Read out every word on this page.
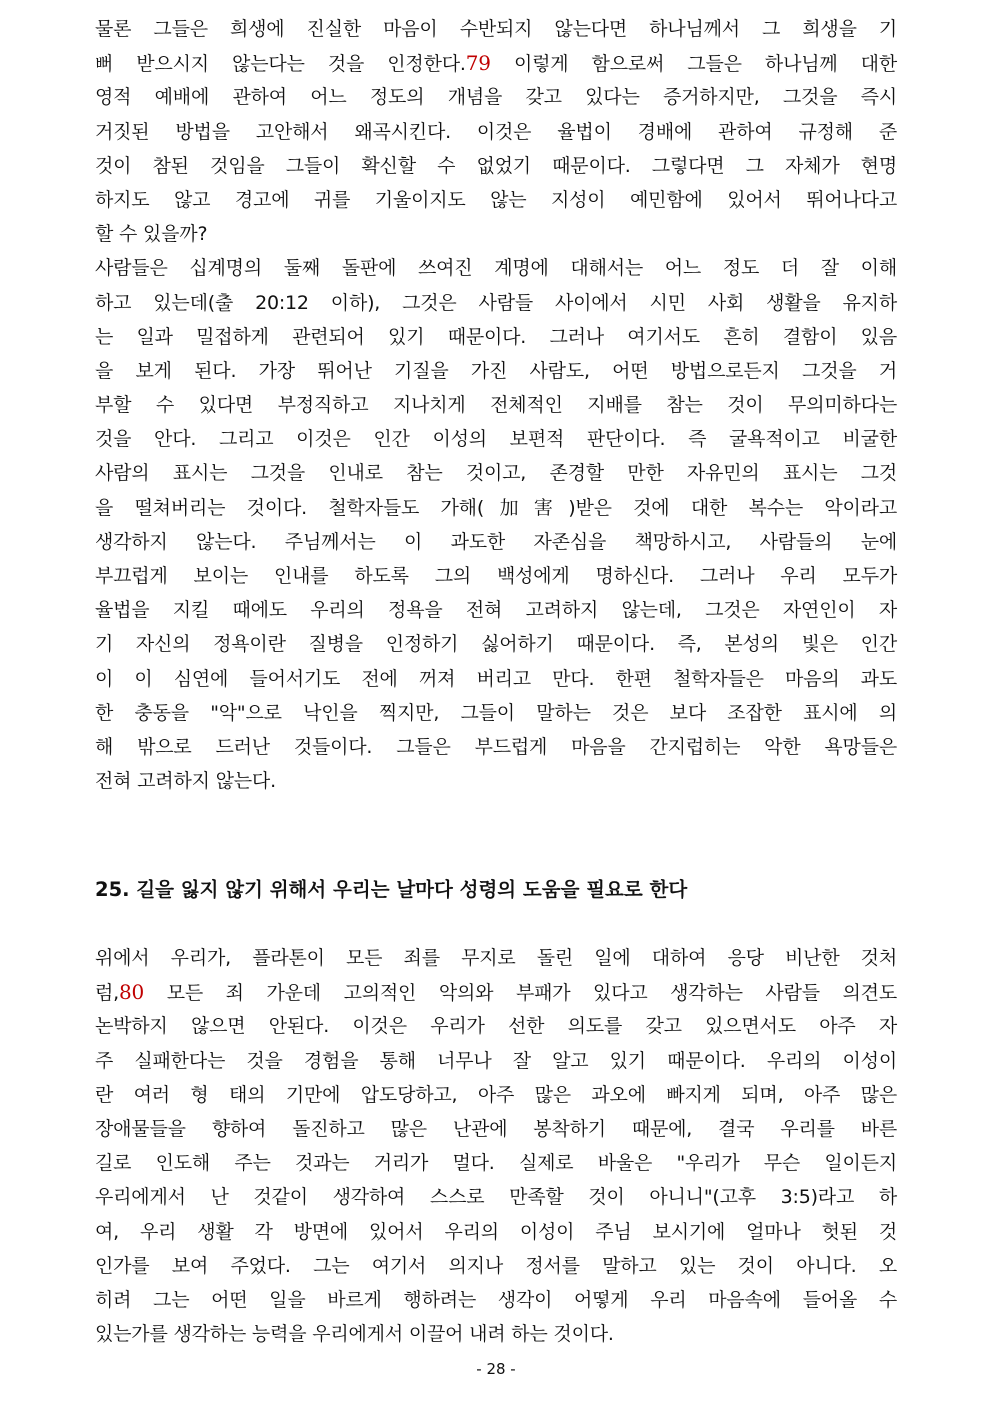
물론 그들은 희생에 진실한 마음이 수반되지 않는다면 하나님께서 그 희생을 기
뻐 받으시지 않는다는 것을 인정한다.79 이렇게 함으로써 그들은 하나님께 대한
영적 예배에 관하여 어느 정도의 개념을 갖고 있다는 증거하지만, 그것을 즉시
거짓된 방법을 고안해서 왜곡시킨다. 이것은 율법이 경배에 관하여 규정해 준
것이 참된 것임을 그들이 확신할 수 없었기 때문이다. 그렇다면 그 자체가 현명
하지도 않고 경고에 귀를 기울이지도 않는 지성이 예민함에 있어서 뛰어나다고
할 수 있을까?
사람들은 십계명의 둘째 돌판에 쓰여진 계명에 대해서는 어느 정도 더 잘 이해
하고 있는데(출 20:12 이하), 그것은 사람들 사이에서 시민 사회 생활을 유지하
는 일과 밀접하게 관련되어 있기 때문이다. 그러나 여기서도 흔히 결함이 있음
을 보게 된다. 가장 뛰어난 기질을 가진 사람도, 어떤 방법으로든지 그것을 거
부할 수 있다면 부정직하고 지나치게 전체적인 지배를 참는 것이 무의미하다는
것을 안다. 그리고 이것은 인간 이성의 보편적 판단이다. 즉 굴욕적이고 비굴한
사람의 표시는 그것을 인내로 참는 것이고, 존경할 만한 자유민의 표시는 그것
을 떨쳐버리는 것이다. 철학자들도 가해(加害)받은 것에 대한 복수는 악이라고
생각하지 않는다. 주님께서는 이 과도한 자존심을 책망하시고, 사람들의 눈에
부끄럽게 보이는 인내를 하도록 그의 백성에게 명하신다. 그러나 우리 모두가
율법을 지킬 때에도 우리의 정욕을 전혀 고려하지 않는데, 그것은 자연인이 자
기 자신의 정욕이란 질병을 인정하기 싫어하기 때문이다. 즉, 본성의 빛은 인간
이 이 심연에 들어서기도 전에 꺼져 버리고 만다. 한편 철학자들은 마음의 과도
한 충동을 "악"으로 낙인을 찍지만, 그들이 말하는 것은 보다 조잡한 표시에 의
해 밖으로 드러난 것들이다. 그들은 부드럽게 마음을 간지럽히는 악한 욕망들은
전혀 고려하지 않는다.
25. 길을 잃지 않기 위해서 우리는 날마다 성령의 도움을 필요로 한다
위에서 우리가, 플라톤이 모든 죄를 무지로 돌린 일에 대하여 응당 비난한 것처
럼,80 모든 죄 가운데 고의적인 악의와 부패가 있다고 생각하는 사람들 의견도
논박하지 않으면 안된다. 이것은 우리가 선한 의도를 갖고 있으면서도 아주 자
주 실패한다는 것을 경험을 통해 너무나 잘 알고 있기 때문이다. 우리의 이성이
란 여러 형 태의 기만에 압도당하고, 아주 많은 과오에 빠지게 되며, 아주 많은
장애물들을 향하여 돌진하고 많은 난관에 봉착하기 때문에, 결국 우리를 바른
길로 인도해 주는 것과는 거리가 멀다. 실제로 바울은 "우리가 무슨 일이든지
우리에게서 난 것같이 생각하여 스스로 만족할 것이 아니니"(고후 3:5)라고 하
여, 우리 생활 각 방면에 있어서 우리의 이성이 주님 보시기에 얼마나 헛된 것
인가를 보여 주었다. 그는 여기서 의지나 정서를 말하고 있는 것이 아니다. 오
히려 그는 어떤 일을 바르게 행하려는 생각이 어떻게 우리 마음속에 들어올 수
있는가를 생각하는 능력을 우리에게서 이끌어 내려 하는 것이다.
- 28 -
